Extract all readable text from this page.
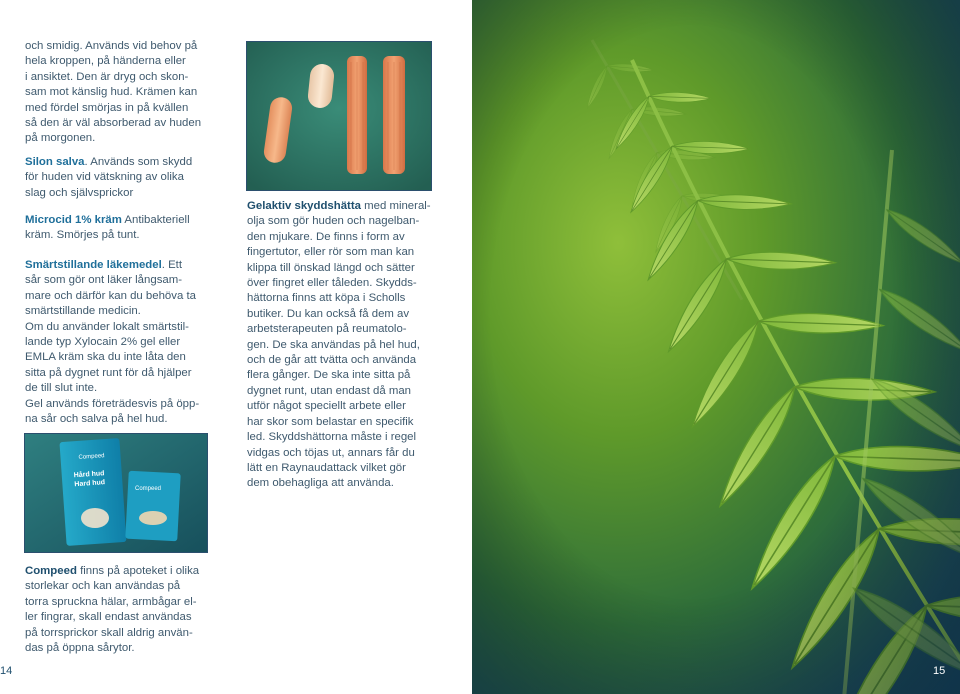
och smidig. Används vid behov på

hela kroppen, på händerna eller

i ansiktet. Den är dryg och skon-

sam mot känslig hud. Krämen kan

med fördel smörjas in på kvällen

så den är väl absorberad av huden

på morgonen.

Silon salva. Används som skydd

för huden vid vätskning av olika

slag och självsprickor

Microcid 1% kräm Antibakteriell

kräm. Smörjes på tunt.

Smärtstillande läkemedel. Ett

sår som gör ont läker långsam-

mare och därför kan du behöva ta

smärtstillande medicin.

Om du använder lokalt smärtstil-

lande typ Xylocain 2% gel eller

EMLA kräm ska du inte låta den

sitta på dygnet runt för då hjälper

de till slut inte.

Gel används företrädesvis på öpp-

na sår och salva på hel hud.

Gelaktiv skyddshätta med mineral-

olja som gör huden och nagelban-

den mjukare. De finns i form av

fingertutor, eller rör som man kan

klippa till önskad längd och sätter

över fingret eller tåleden. Skydds-

hättorna finns att köpa i Scholls

butiker. Du kan också få dem av

arbetsterapeuten på reumatolo-

gen. De ska användas på hel hud,

och de går att tvätta och använda

flera gånger. De ska inte sitta på

dygnet runt, utan endast då man

utför något speciellt arbete eller

har skor som belastar en specifik

led. Skyddshättorna måste i regel

vidgas och töjas ut, annars får du

lätt en Raynaudattack vilket gör

dem obehagliga att använda.

Compeed
Hård hud
Hard hud
Compeed

Compeed finns på apoteket i olika

storlekar och kan användas på

torra spruckna hälar, armbågar el-

ler fingrar, skall endast användas

på torrsprickor skall aldrig använ-

das på öppna sårytor.

14	15
